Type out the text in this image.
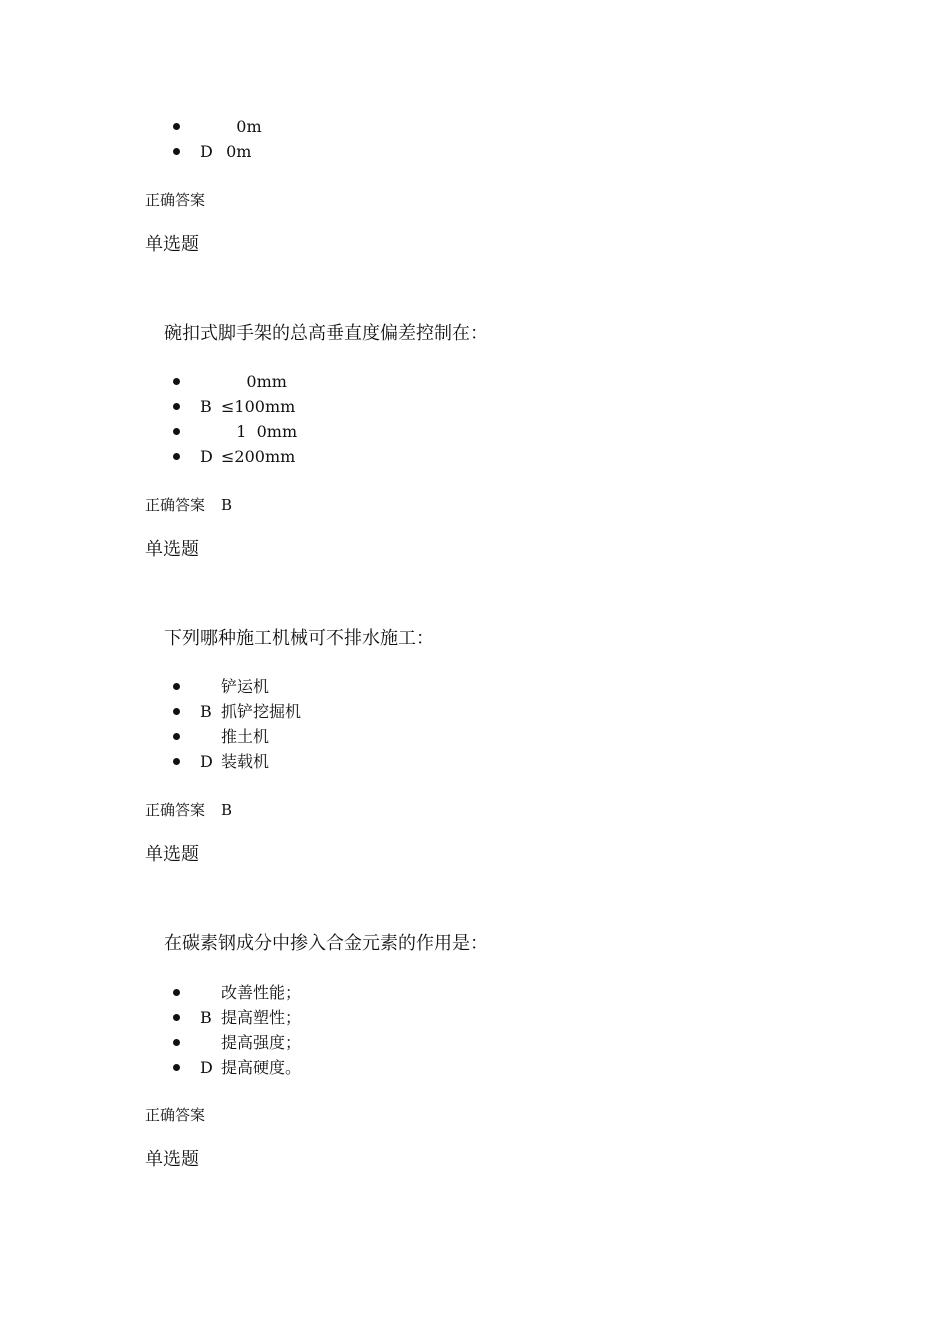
0m

D

0m

正确答案
单选题
碗扣式脚手架的总高垂直度偏差控制在：

0mm

B

≤100mm

1  0mm

D

≤200mm

正确答案 B
单选题
下列哪种施工机械可不排水施工：

铲运机

B

抓铲挖掘机

推土机

D

装载机

正确答案 B
单选题
在碳素钢成分中掺入合金元素的作用是：

改善性能；

B

提高塑性；

提高强度；

D

提高硬度。

正确答案
单选题
